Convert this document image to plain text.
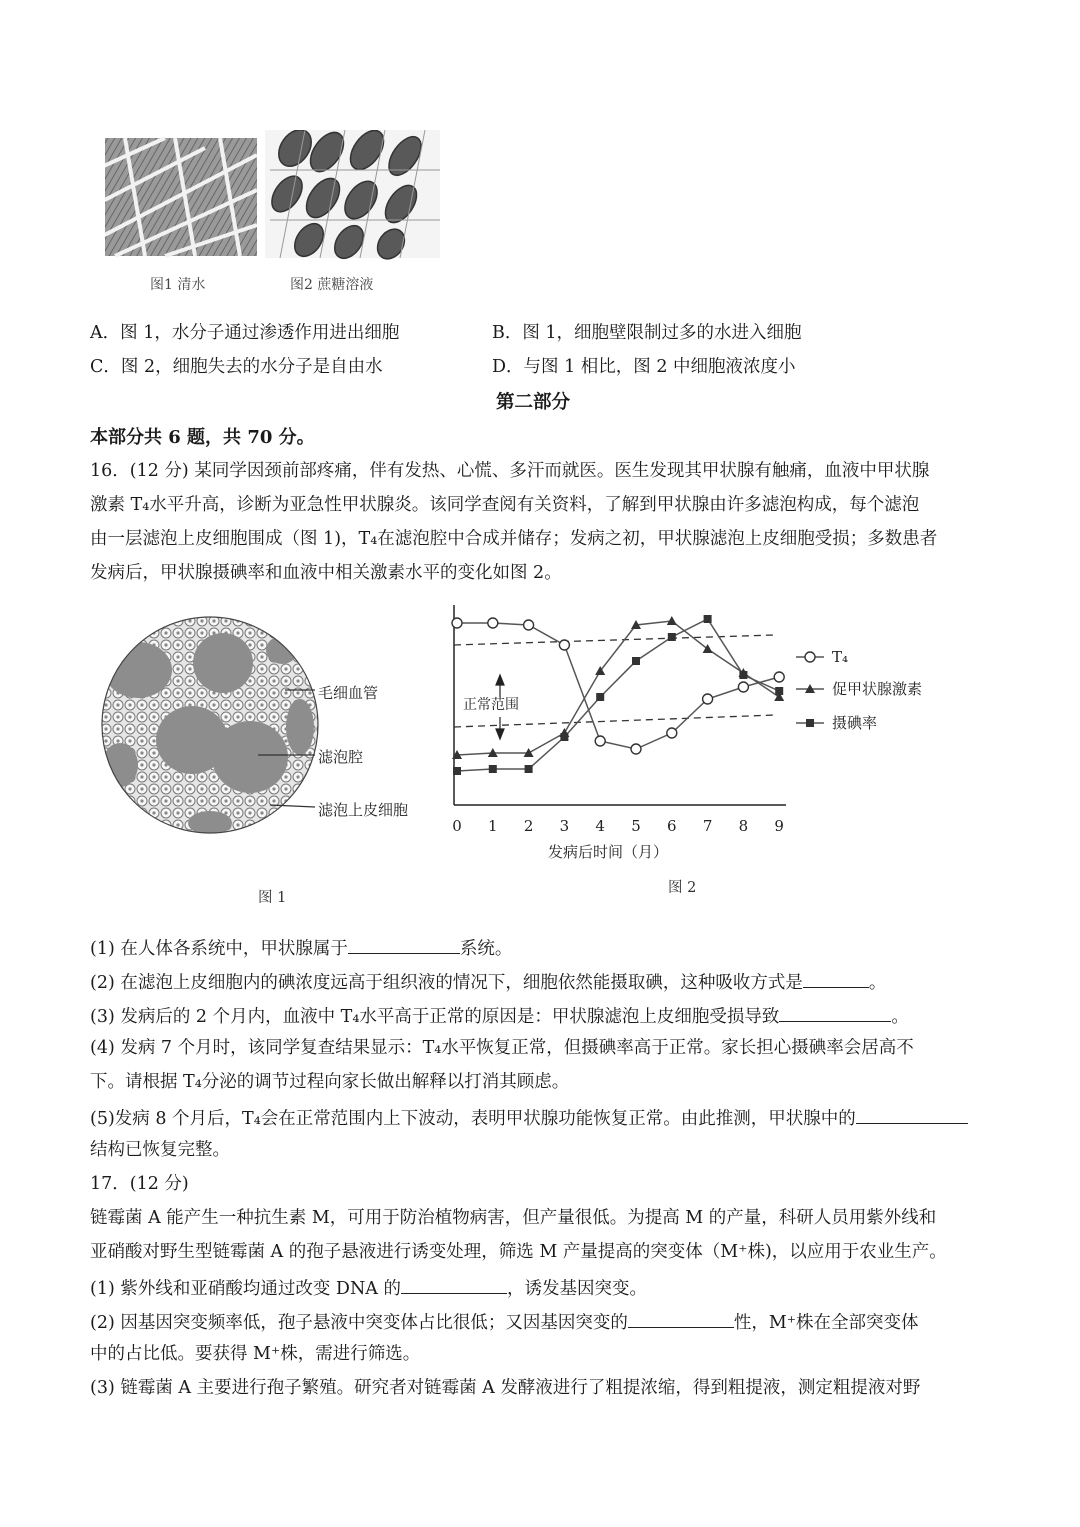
图1 清水	图2 蔗糖溶液
A．图 1，水分子通过渗透作用进出细胞	B．图 1，细胞壁限制过多的水进入细胞
C．图 2，细胞失去的水分子是自由水	D．与图 1 相比，图 2 中细胞液浓度小
第二部分
本部分共 6 题，共 70 分。
16．(12 分) 某同学因颈前部疼痛，伴有发热、心慌、多汗而就医。医生发现其甲状腺有触痛，血液中甲状腺
激素 T₄水平升高，诊断为亚急性甲状腺炎。该同学查阅有关资料，了解到甲状腺由许多滤泡构成，每个滤泡
由一层滤泡上皮细胞围成（图 1)，T₄在滤泡腔中合成并储存；发病之初，甲状腺滤泡上皮细胞受损；多数患者
发病后，甲状腺摄碘率和血液中相关激素水平的变化如图 2。
毛细血管
滤泡腔
滤泡上皮细胞
图 1
0 1 2 3 4 5 6 7 8 9
正常范围
发病后时间（月）
T₄
促甲状腺激素
摄碘率
图 2
(1) 在人体各系统中，甲状腺属于	系统。
(2) 在滤泡上皮细胞内的碘浓度远高于组织液的情况下，细胞依然能摄取碘，这种吸收方式是	。
(3) 发病后的 2 个月内，血液中 T₄水平高于正常的原因是：甲状腺滤泡上皮细胞受损导致	。
(4) 发病 7 个月时，该同学复查结果显示：T₄水平恢复正常，但摄碘率高于正常。家长担心摄碘率会居高不
下。请根据 T₄分泌的调节过程向家长做出解释以打消其顾虑。
(5)发病 8 个月后，T₄会在正常范围内上下波动，表明甲状腺功能恢复正常。由此推测，甲状腺中的
结构已恢复完整。
17．(12 分)
链霉菌 A 能产生一种抗生素 M，可用于防治植物病害，但产量很低。为提高 M 的产量，科研人员用紫外线和
亚硝酸对野生型链霉菌 A 的孢子悬液进行诱变处理，筛选 M 产量提高的突变体（M⁺株)，以应用于农业生产。
(1) 紫外线和亚硝酸均通过改变 DNA 的	，诱发基因突变。
(2) 因基因突变频率低，孢子悬液中突变体占比很低；又因基因突变的	性，M⁺株在全部突变体
中的占比低。要获得 M⁺株，需进行筛选。
(3) 链霉菌 A 主要进行孢子繁殖。研究者对链霉菌 A 发酵液进行了粗提浓缩，得到粗提液，测定粗提液对野
